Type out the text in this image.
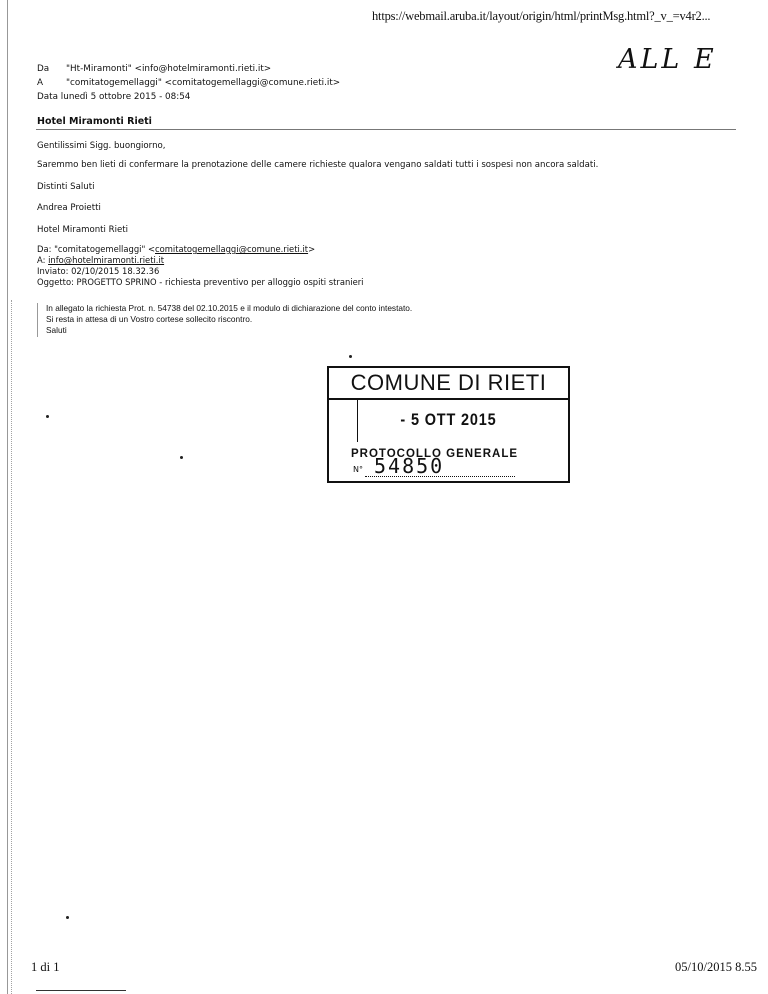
https://webmail.aruba.it/layout/origin/html/printMsg.html?_v_=v4r2...
ALL E
Da "Ht-Miramonti" <info@hotelmiramonti.rieti.it>
A	"comitatogemellaggi" <comitatogemellaggi@comune.rieti.it>
Data lunedì 5 ottobre 2015 - 08:54
Hotel Miramonti Rieti
Gentilissimi Sigg. buongiorno,
Saremmo ben lieti di confermare la prenotazione delle camere richieste qualora vengano saldati tutti i sospesi non ancora saldati.
Distinti Saluti
Andrea Proietti
Hotel Miramonti Rieti
Da: "comitatogemellaggi" <comitatogemellaggi@comune.rieti.it>
A: info@hotelmiramonti.rieti.it
Inviato: 02/10/2015 18.32.36
Oggetto: PROGETTO SPRINO - richiesta preventivo per alloggio ospiti stranieri
In allegato la richiesta Prot. n. 54738 del 02.10.2015 e il modulo di dichiarazione del conto intestato.
Si resta in attesa di un Vostro cortese sollecito riscontro.
Saluti
COMUNE DI RIETI
- 5 OTT 2015
PROTOCOLLO GENERALE
N° 54850
1 di 1	05/10/2015 8.55
